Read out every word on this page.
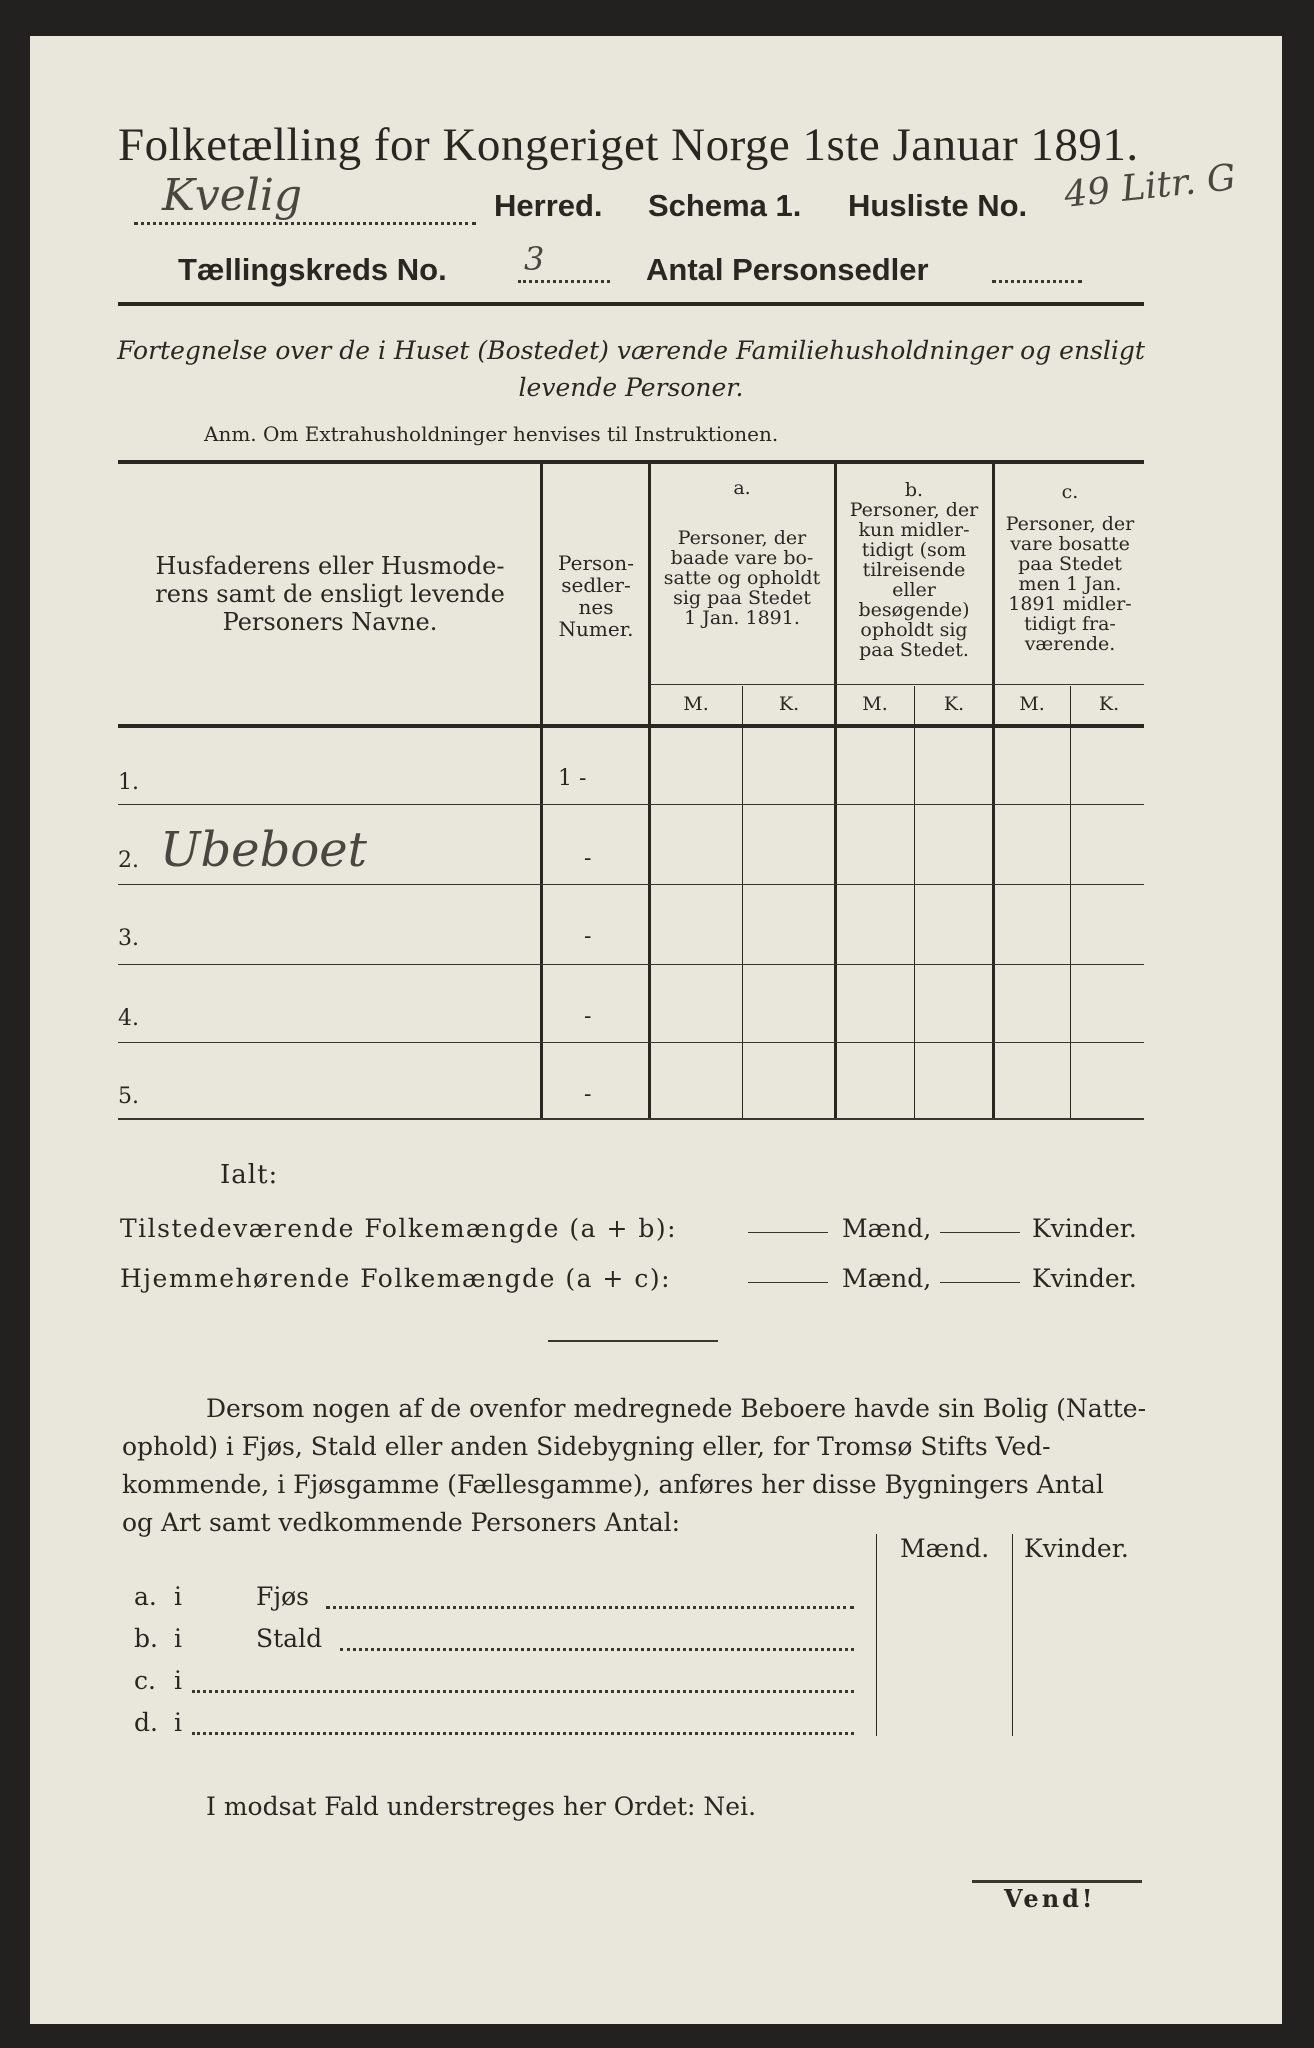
Folketælling for Kongeriget Norge 1ste Januar 1891.
Kvelig	Herred. Schema 1. Husliste No. 49 Litr. G
Tællingskreds No. 3	Antal Personsedler
Fortegnelse over de i Huset (Bostedet) værende Familiehusholdninger og ensligt
levende Personer.
Anm. Om Extrahusholdninger henvises til Instruktionen.
Husfaderens eller Husmode-
rens samt de ensligt levende
Personers Navne.
Person-
sedler-
nes
Numer.
a.
Personer, der
baade vare bo-
satte og opholdt
sig paa Stedet
1 Jan. 1891.
b.
Personer, der
kun midler-
tidigt (som
tilreisende
eller
besøgende)
opholdt sig
paa Stedet.
c.
Personer, der
vare bosatte
paa Stedet
men 1 Jan.
1891 midler-
tidigt fra-
værende.
M.	K.	M.	K.	M.	K.
1.	1 -
2. Ubeboet	-
3.	-
4.	-
5.	-
Ialt:
Tilstedeværende Folkemængde (a + b):	Mænd,	Kvinder.
Hjemmehørende Folkemængde (a + c):	Mænd,	Kvinder.
Dersom nogen af de ovenfor medregnede Beboere havde sin Bolig (Natte-
ophold) i Fjøs, Stald eller anden Sidebygning eller, for Tromsø Stifts Ved-
kommende, i Fjøsgamme (Fællesgamme), anføres her disse Bygningers Antal
og Art samt vedkommende Personers Antal:
Mænd. Kvinder.
a. i	Fjøs
b. i	Stald
c. i
d. i
I modsat Fald understreges her Ordet: Nei.
Vend!
